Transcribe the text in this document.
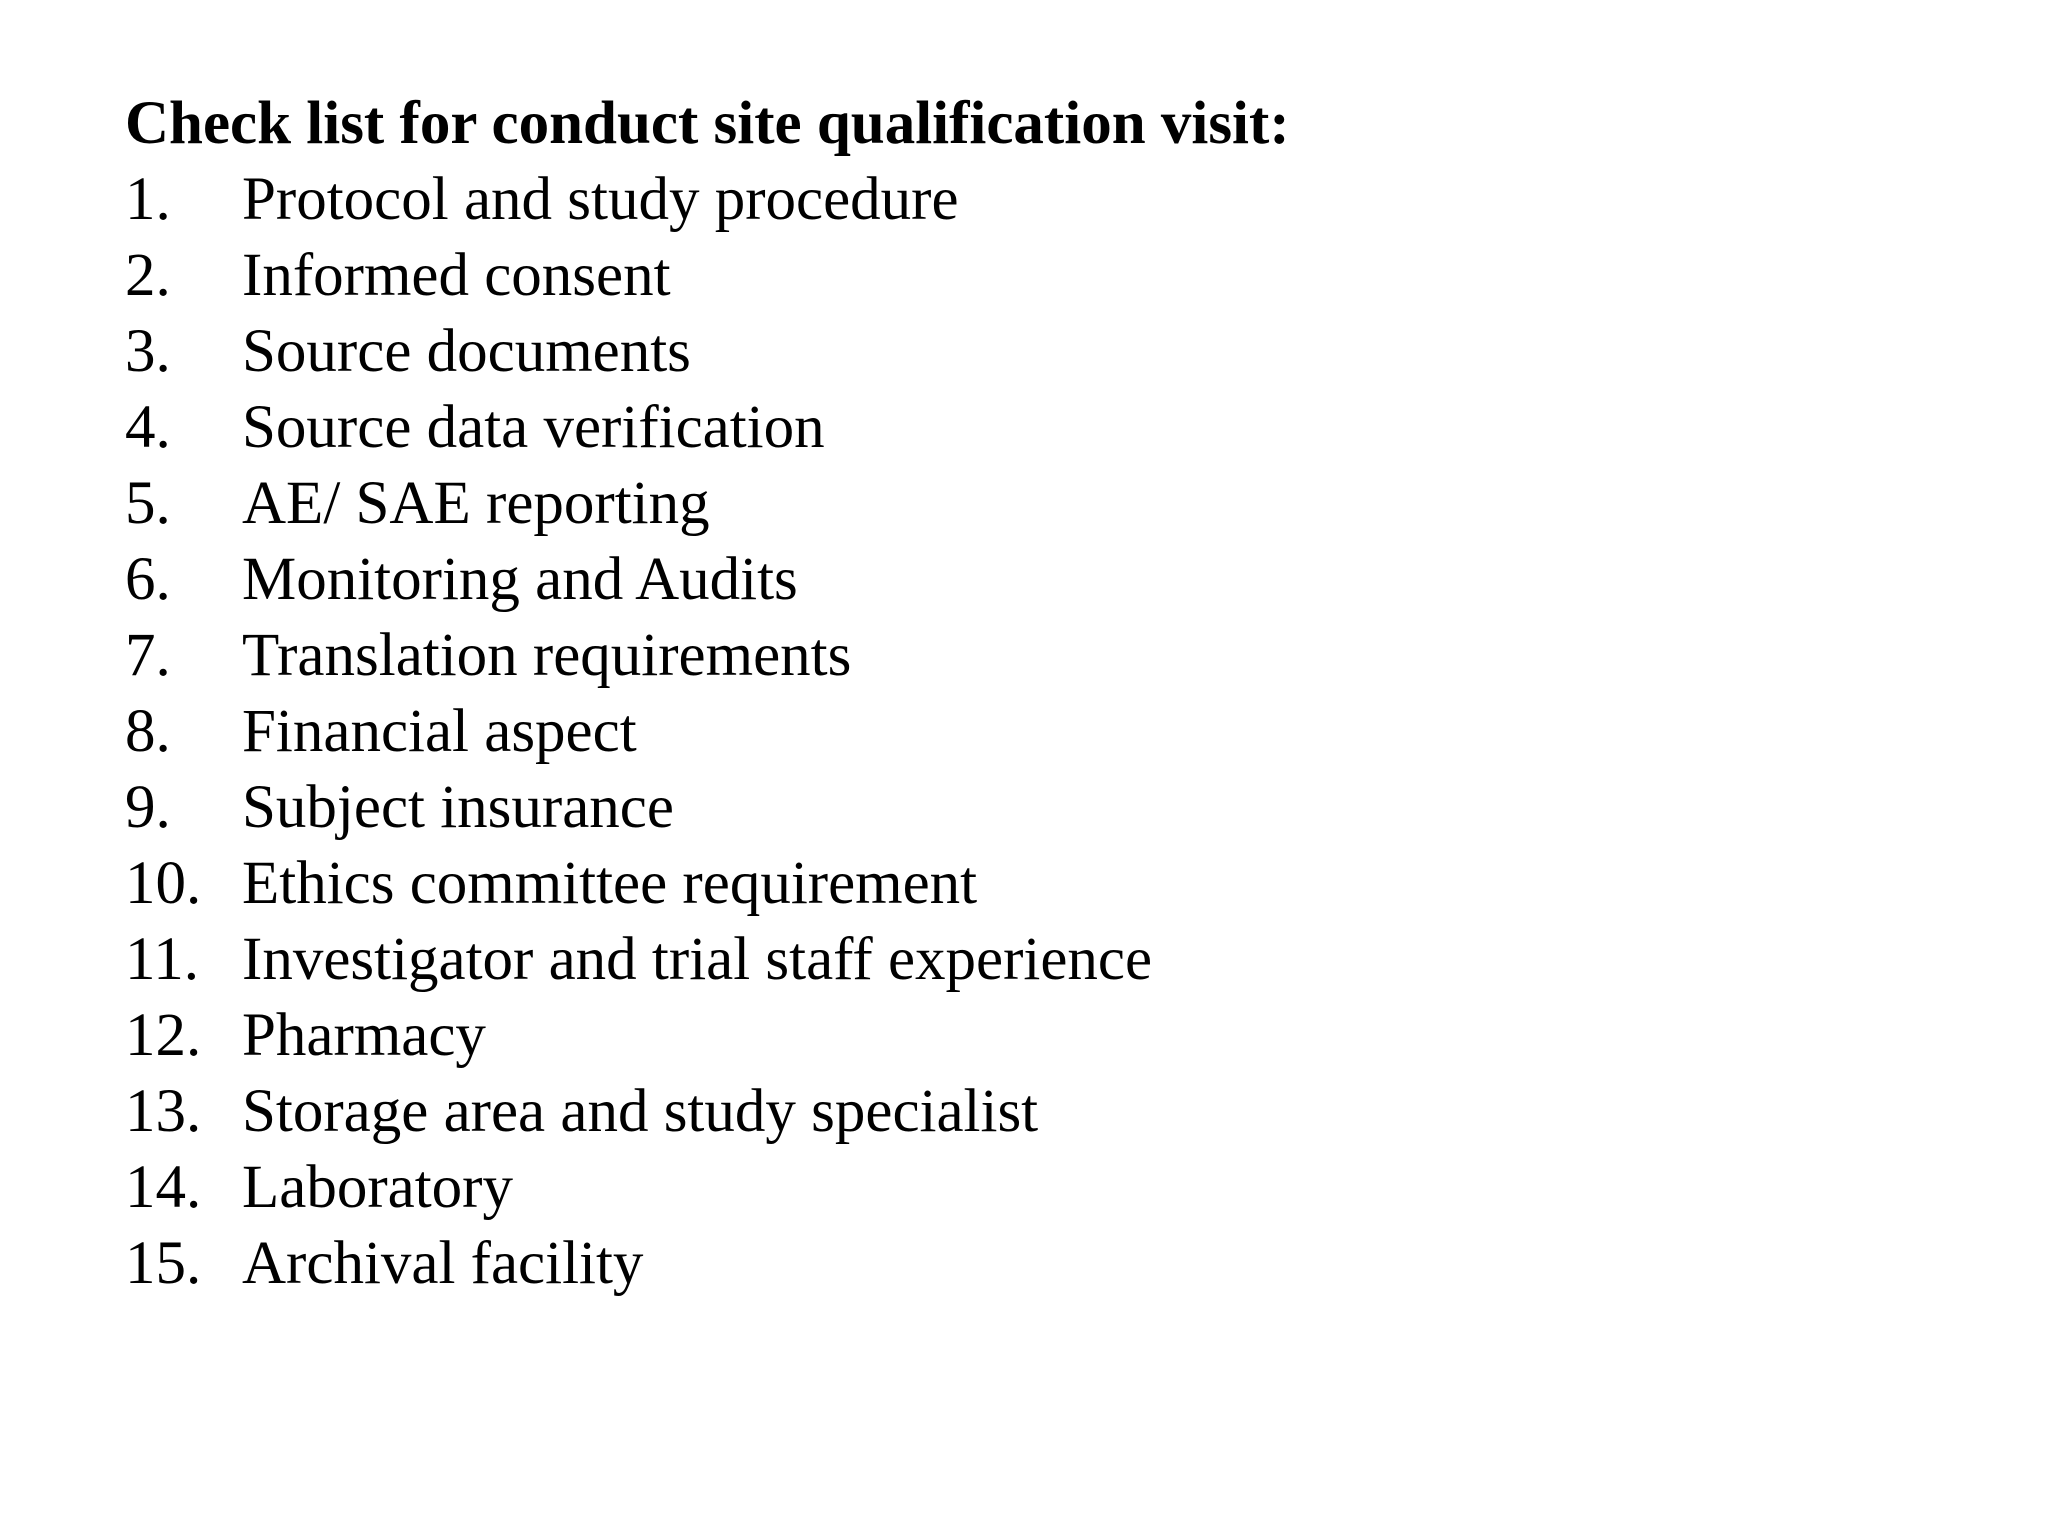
Check list for conduct site qualification visit:
1.	Protocol and study procedure
2.	Informed consent
3.	Source documents
4.	Source data verification
5.	AE/ SAE reporting
6.	Monitoring and Audits
7.	Translation requirements
8.	Financial aspect
9.	Subject insurance
10. Ethics committee requirement
11. Investigator and trial staff experience
12. Pharmacy
13. Storage area and study specialist
14. Laboratory
15. Archival facility
